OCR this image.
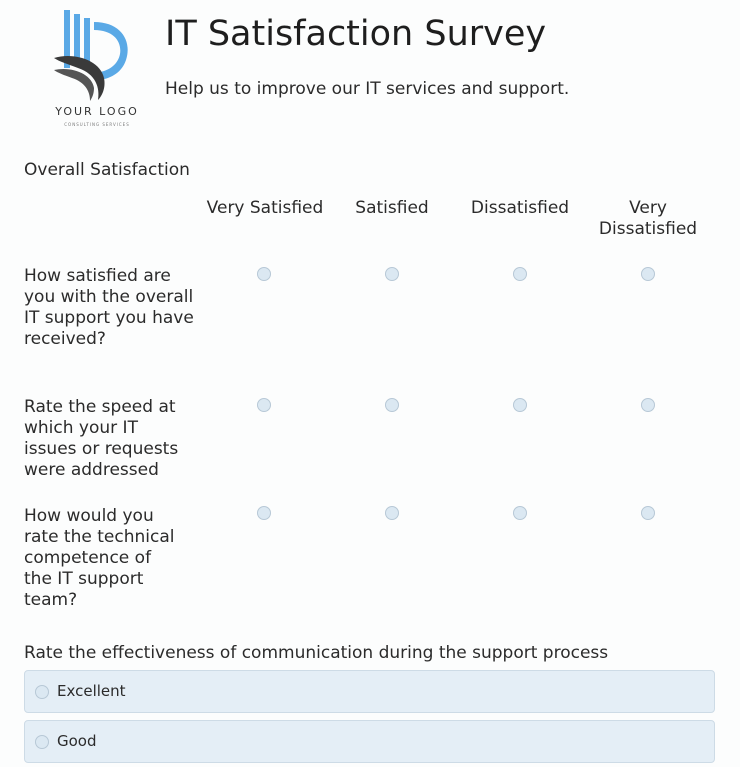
YOUR LOGO
CONSULTING SERVICES
IT Satisfaction Survey
Help us to improve our IT services and support.
Overall Satisfaction
Very Satisfied	Satisfied	Dissatisfied	Very Dissatisfied
How satisfied are you with the overall IT support you have received?
Rate the speed at which your IT issues or requests were addressed
How would you rate the technical competence of the IT support team?
Rate the effectiveness of communication during the support process
Excellent
Good
